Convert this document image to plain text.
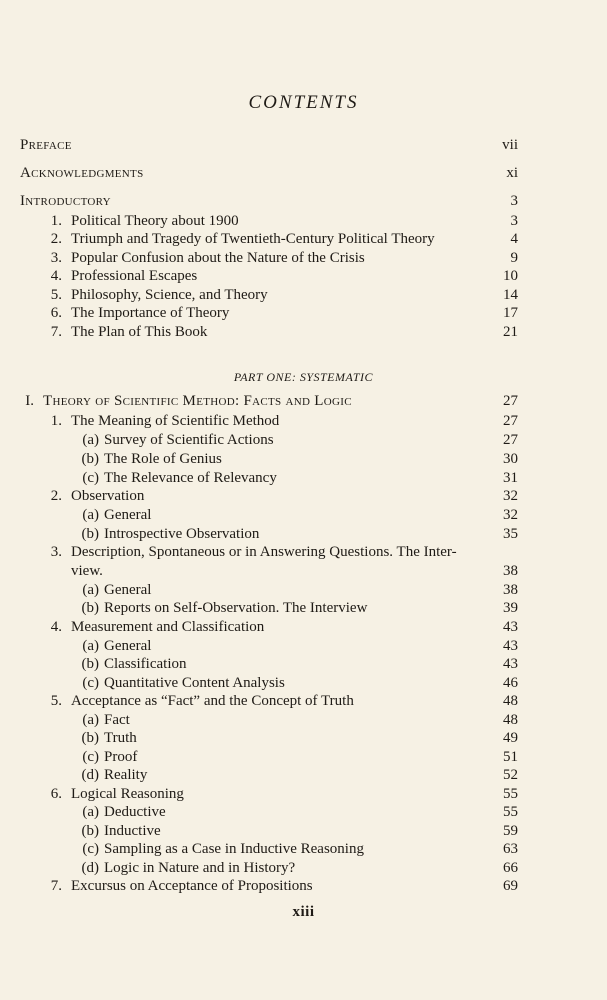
CONTENTS
Preface	vii
Acknowledgments	xi
Introductory	3
1. Political Theory about 1900	3
2. Triumph and Tragedy of Twentieth-Century Political Theory	4
3. Popular Confusion about the Nature of the Crisis	9
4. Professional Escapes	10
5. Philosophy, Science, and Theory	14
6. The Importance of Theory	17
7. The Plan of This Book	21
PART ONE: SYSTEMATIC
I. Theory of Scientific Method: Facts and Logic	27
1. The Meaning of Scientific Method	27
(a) Survey of Scientific Actions	27
(b) The Role of Genius	30
(c) The Relevance of Relevancy	31
2. Observation	32
(a) General	32
(b) Introspective Observation	35
3. Description, Spontaneous or in Answering Questions. The Inter-
view.	38
(a) General	38
(b) Reports on Self-Observation. The Interview	39
4. Measurement and Classification	43
(a) General	43
(b) Classification	43
(c) Quantitative Content Analysis	46
5. Acceptance as “Fact” and the Concept of Truth	48
(a) Fact	48
(b) Truth	49
(c) Proof	51
(d) Reality	52
6. Logical Reasoning	55
(a) Deductive	55
(b) Inductive	59
(c) Sampling as a Case in Inductive Reasoning	63
(d) Logic in Nature and in History?	66
7. Excursus on Acceptance of Propositions	69
xiii
